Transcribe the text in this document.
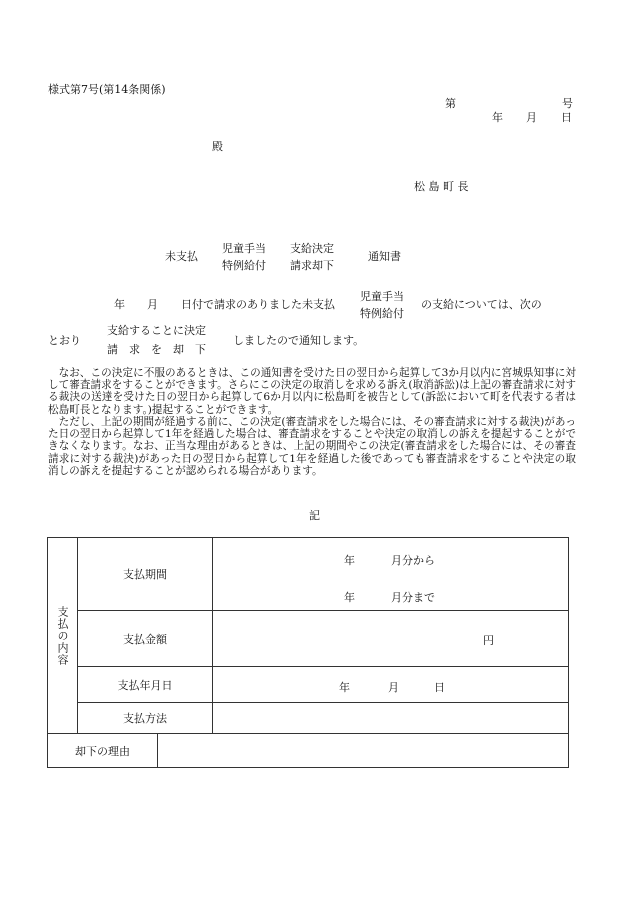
様式第7号(第14条関係)
第	号
年 月 日
殿
松 島 町 長
未支払
児童手当
特例給付
支給決定
請求却下
通知書
年 月 日付で請求のありました未支払
児童手当
特例給付
の支給については、次の
とおり
支給することに決定
請　求　を　却　下
しましたので通知します。

なお、この決定に不服のあるときは、この通知書を受けた日の翌日から起算して3か月以内に宮城県知事に対して審査請求をすることができます。さらにこの決定の取消しを求める訴え(取消訴訟)は上記の審査請求に対する裁決の送達を受けた日の翌日から起算して6か月以内に松島町を被告として(訴訟において町を代表する者は松島町長となります。)提起することができます。

ただし、上記の期間が経過する前に、この決定(審査請求をした場合には、その審査請求に対する裁決)があった日の翌日から起算して1年を経過した場合は、審査請求をすることや決定の取消しの訴えを提起することができなくなります。なお、正当な理由があるときは、上記の期間やこの決定(審査請求をした場合には、その審査請求に対する裁決)があった日の翌日から起算して1年を経過した後であっても審査請求をすることや決定の取消しの訴えを提起することが認められる場合があります。

記
支払の内容	支払期間		年 月分から
年 月分まで

	支払金額		円

	支払年月日		年 月 日

	支払方法		
却下の理由			
